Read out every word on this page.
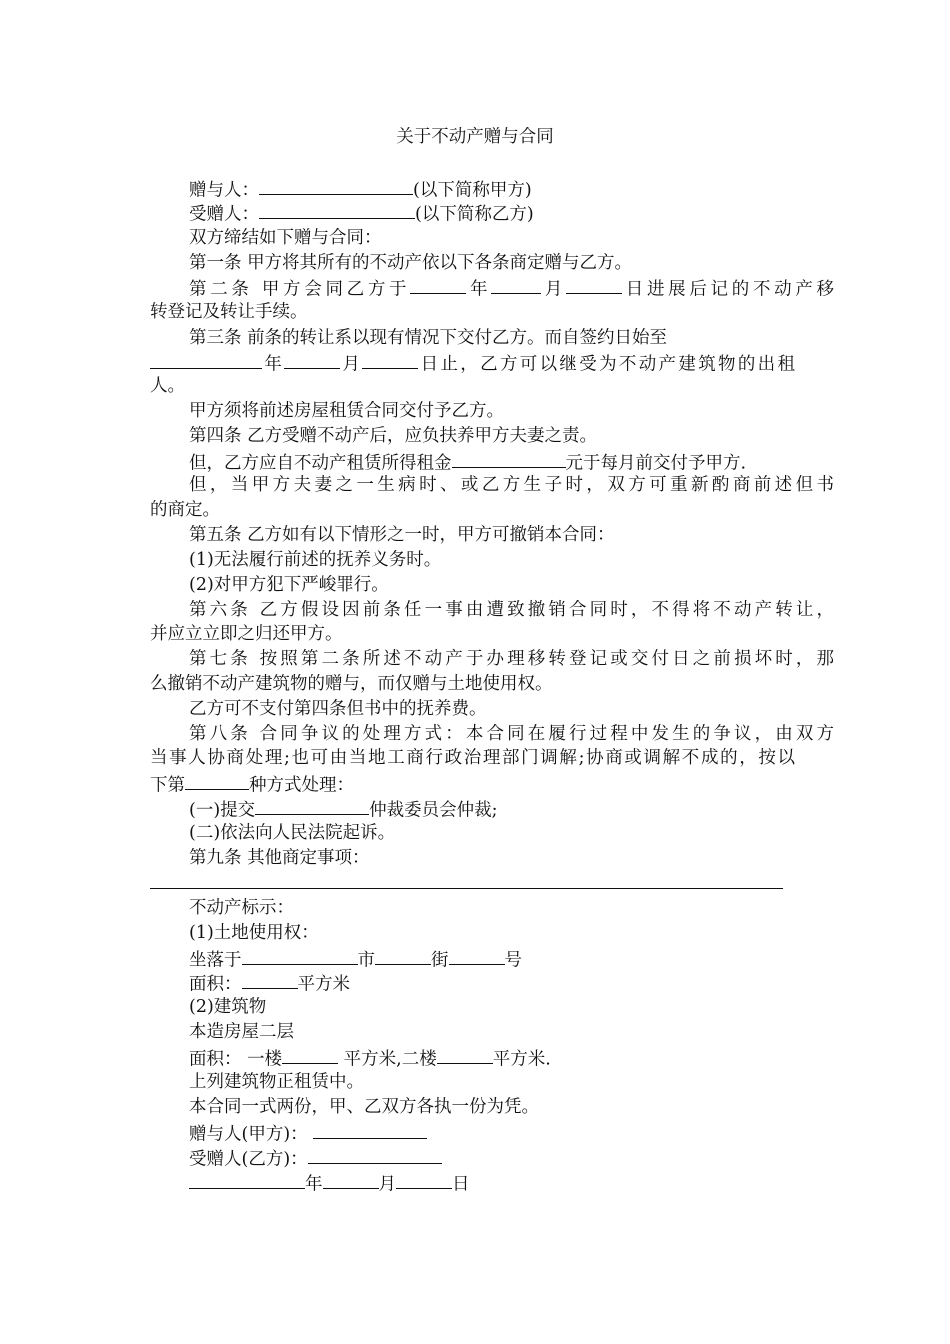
关于不动产赠与合同
赠与人：	(以下简称甲方)
受赠人：	(以下简称乙方)
双方缔结如下赠与合同：
第一条 甲方将其所有的不动产依以下各条商定赠与乙方。
第二条 甲方会同乙方于	年	月	日进展后记的不动产移
转登记及转让手续。
第三条 前条的转让系以现有情况下交付乙方。而自签约日始至
年	月	日止，乙方可以继受为不动产建筑物的出租
人。
甲方须将前述房屋租赁合同交付予乙方。
第四条 乙方受赠不动产后，应负扶养甲方夫妻之责。
但，乙方应自不动产租赁所得租金	元于每月前交付予甲方.
但，当甲方夫妻之一生病时、或乙方生子时，双方可重新酌商前述但书
的商定。
第五条 乙方如有以下情形之一时，甲方可撤销本合同：
(1)无法履行前述的抚养义务时。
(2)对甲方犯下严峻罪行。
第六条 乙方假设因前条任一事由遭致撤销合同时，不得将不动产转让，
并应立立即之归还甲方。
第七条 按照第二条所述不动产于办理移转登记或交付日之前损坏时，那
么撤销不动产建筑物的赠与，而仅赠与土地使用权。
乙方可不支付第四条但书中的抚养费。
第八条 合同争议的处理方式：本合同在履行过程中发生的争议，由双方
当事人协商处理;也可由当地工商行政治理部门调解;协商或调解不成的，按以
下第	种方式处理：
(一)提交	仲裁委员会仲裁;
(二)依法向人民法院起诉。
第九条 其他商定事项：
不动产标示：
(1)土地使用权：
坐落于	市	街	号
面积：	平方米
(2)建筑物
本造房屋二层
面积： 一楼	平方米,二楼	平方米.
上列建筑物正租赁中。
本合同一式两份，甲、乙双方各执一份为凭。
赠与人(甲方)：
受赠人(乙方)：
年	月	日
